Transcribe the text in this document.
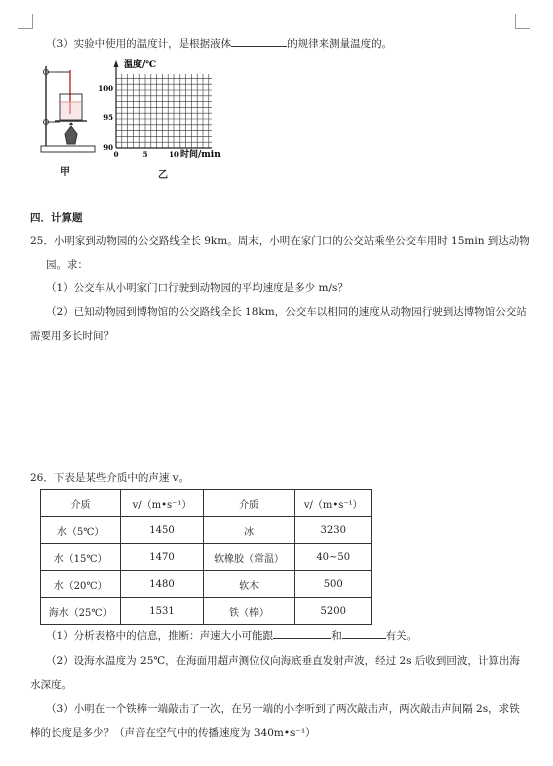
（3）实验中使用的温度计，是根据液体	的规律来测量温度的。
温度/℃
100
95
90
0	5	10 时间/min
甲	乙
四．计算题
25．小明家到动物园的公交路线全长 9km。周末，小明在家门口的公交站乘坐公交车用时 15min 到达动物
园。求：
（1）公交车从小明家门口行驶到动物园的平均速度是多少 m/s？
（2）已知动物园到博物馆的公交路线全长 18km，公交车以相同的速度从动物园行驶到达博物馆公交站
需要用多长时间？
26．下表是某些介质中的声速 v。
介质	v/（m•s⁻¹）	介质	v/（m•s⁻¹）
水（5℃）	1450	冰	3230
水（15℃）	1470	软橡胶（常温）	40~50
水（20℃）	1480	软木	500
海水（25℃）	1531	铁（棒）	5200
（1）分析表格中的信息，推断：声速大小可能跟	和	有关。
（2）设海水温度为 25℃，在海面用超声测位仪向海底垂直发射声波，经过 2s 后收到回波，计算出海
水深度。
（3）小明在一个铁棒一端敲击了一次，在另一端的小李听到了两次敲击声，两次敲击声间隔 2s，求铁
棒的长度是多少？（声音在空气中的传播速度为 340m•s⁻¹）
